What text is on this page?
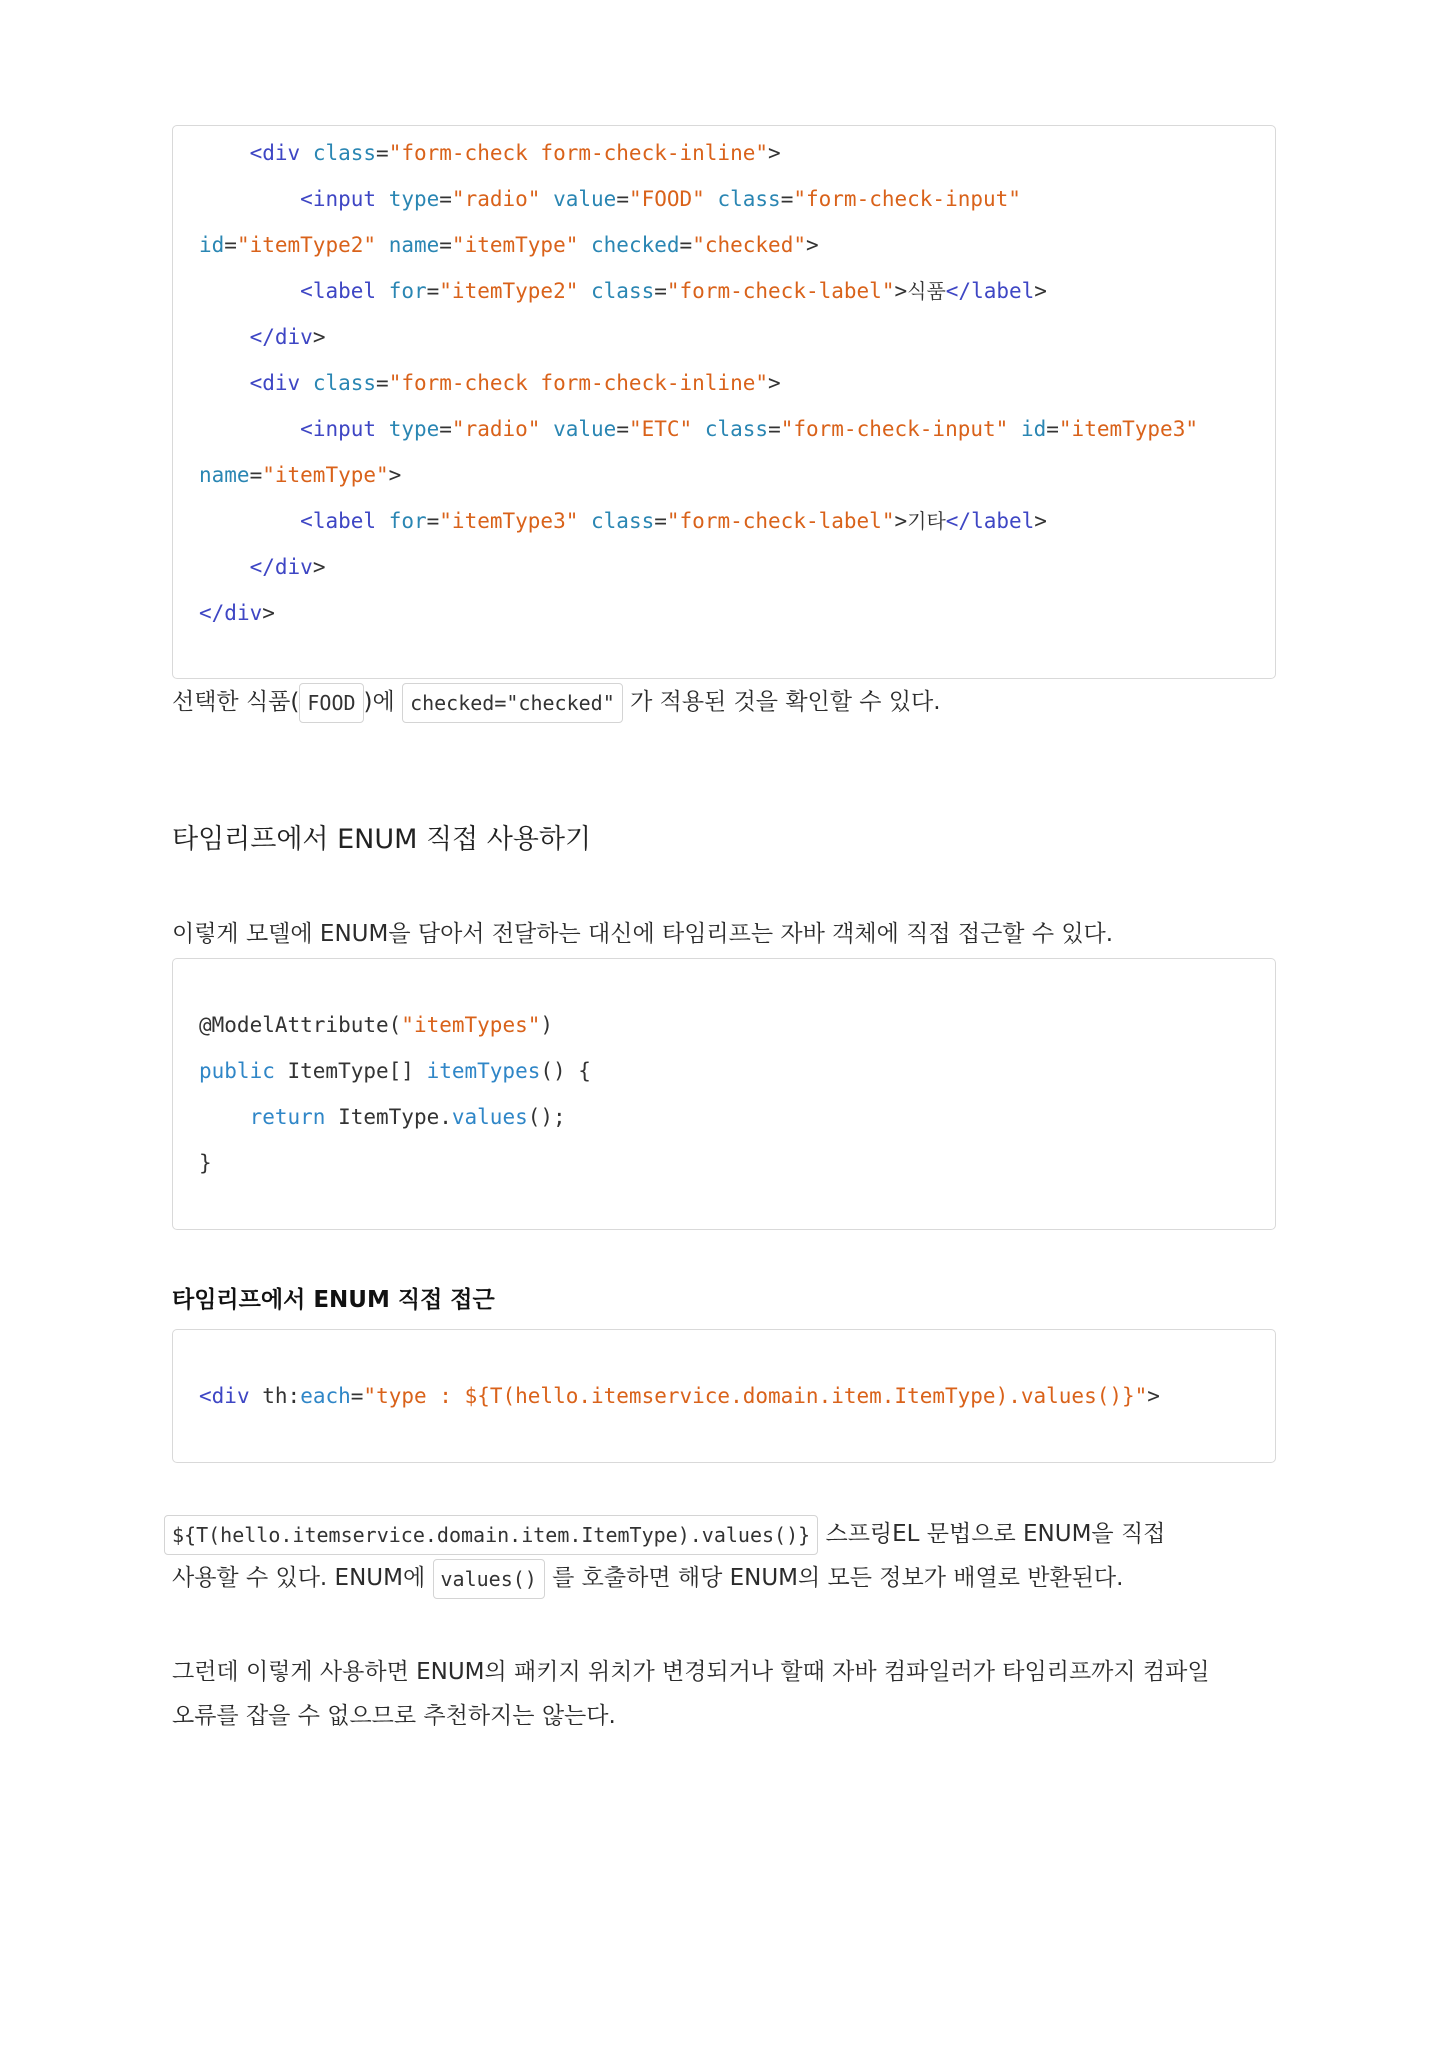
<div class="form-check form-check-inline">

<input type="radio" value="FOOD" class="form-check-input"

id="itemType2" name="itemType" checked="checked">

<label for="itemType2" class="form-check-label">식품</label>

</div>

<div class="form-check form-check-inline">

<input type="radio" value="ETC" class="form-check-input" id="itemType3"

name="itemType">

<label for="itemType3" class="form-check-label">기타</label>

</div>

</div>

선택한 식품( FOOD )에 checked="checked" 가 적용된 것을 확인할 수 있다.
타임리프에서 ENUM 직접 사용하기
이렇게 모델에 ENUM을 담아서 전달하는 대신에 타임리프는 자바 객체에 직접 접근할 수 있다.

@ModelAttribute("itemTypes")

public ItemType[] itemTypes() {

return ItemType.values();

}

타임리프에서 ENUM 직접 접근

<div th:each="type : ${T(hello.itemservice.domain.item.ItemType).values()}">

${T(hello.itemservice.domain.item.ItemType).values()} 스프링EL 문법으로 ENUM을 직접
사용할 수 있다. ENUM에 values() 를 호출하면 해당 ENUM의 모든 정보가 배열로 반환된다.
그런데 이렇게 사용하면 ENUM의 패키지 위치가 변경되거나 할때 자바 컴파일러가 타임리프까지 컴파일
오류를 잡을 수 없으므로 추천하지는 않는다.
